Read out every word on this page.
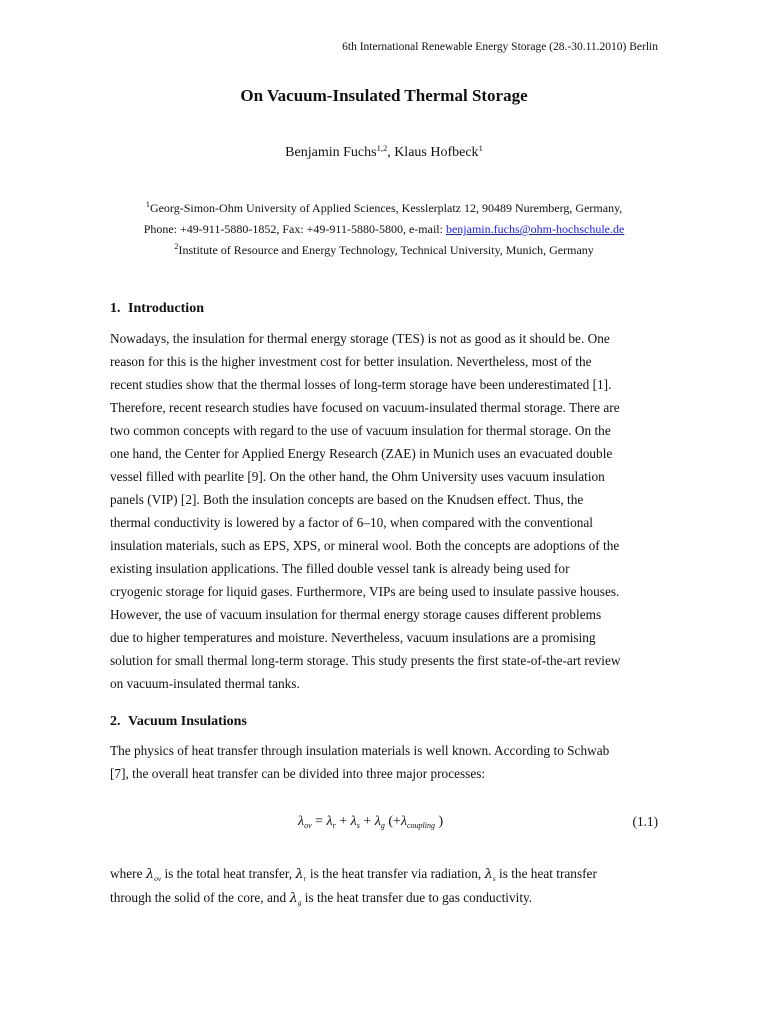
6th International Renewable Energy Storage (28.-30.11.2010) Berlin
On Vacuum-Insulated Thermal Storage
Benjamin Fuchs$^{1,2}$, Klaus Hofbeck$^1$
$^1$Georg-Simon-Ohm University of Applied Sciences, Kesslerplatz 12, 90489 Nuremberg, Germany,
Phone: +49-911-5880-1852, Fax: +49-911-5880-5800, e-mail: benjamin.fuchs@ohm-hochschule.de
$^2$Institute of Resource and Energy Technology, Technical University, Munich, Germany
1. Introduction
Nowadays, the insulation for thermal energy storage (TES) is not as good as it should be. One
reason for this is the higher investment cost for better insulation. Nevertheless, most of the
recent studies show that the thermal losses of long-term storage have been underestimated [1].
Therefore, recent research studies have focused on vacuum-insulated thermal storage. There are
two common concepts with regard to the use of vacuum insulation for thermal storage. On the
one hand, the Center for Applied Energy Research (ZAE) in Munich uses an evacuated double
vessel filled with pearlite [9]. On the other hand, the Ohm University uses vacuum insulation
panels (VIP) [2]. Both the insulation concepts are based on the Knudsen effect. Thus, the
thermal conductivity is lowered by a factor of 6–10, when compared with the conventional
insulation materials, such as EPS, XPS, or mineral wool. Both the concepts are adoptions of the
existing insulation applications. The filled double vessel tank is already being used for
cryogenic storage for liquid gases. Furthermore, VIPs are being used to insulate passive houses.
However, the use of vacuum insulation for thermal energy storage causes different problems
due to higher temperatures and moisture. Nevertheless, vacuum insulations are a promising
solution for small thermal long-term storage. This study presents the first state-of-the-art review
on vacuum-insulated thermal tanks.
2. Vacuum Insulations
The physics of heat transfer through insulation materials is well known. According to Schwab
[7], the overall heat transfer can be divided into three major processes:
$\lambda_{ov} = \lambda_r + \lambda_s + \lambda_g$ ($+\lambda_{coupling}$ )	(1.1)
where $\lambda_{ov}$ is the total heat transfer, $\lambda_r$ is the heat transfer via radiation, $\lambda_s$ is the heat transfer
through the solid of the core, and $\lambda_g$ is the heat transfer due to gas conductivity.
